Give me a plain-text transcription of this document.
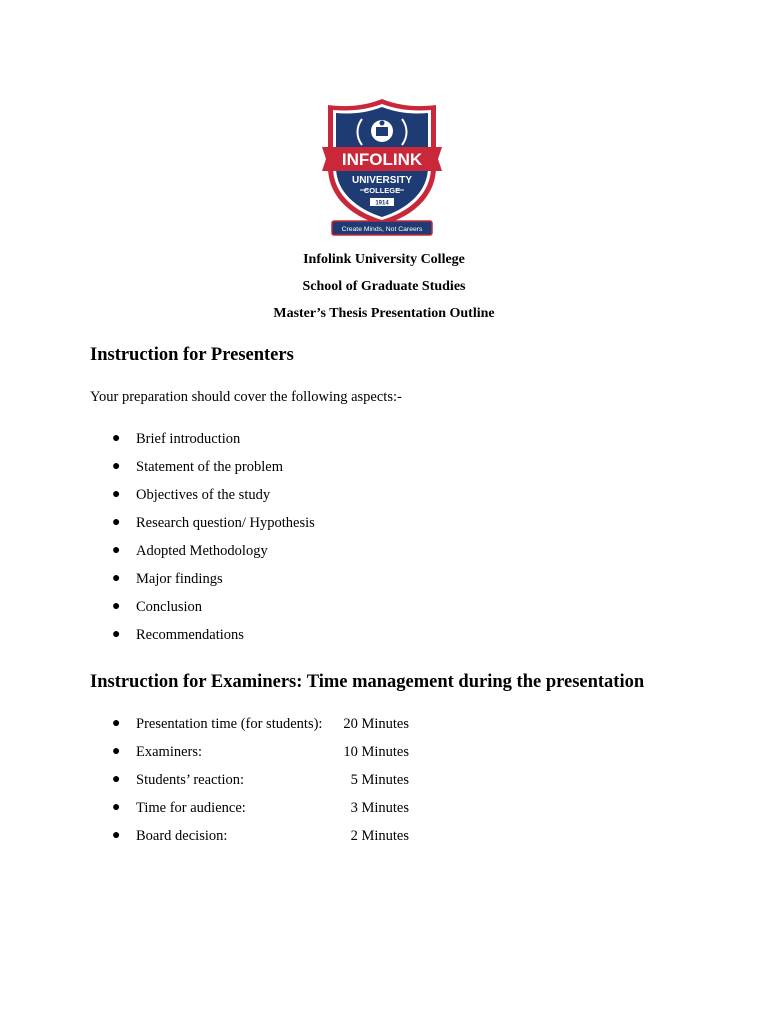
INFOLINK
UNIVERSITY
COLLEGE
1914
Create Minds, Not Careers
Infolink University College
School of Graduate Studies
Master’s Thesis Presentation Outline
Instruction for Presenters
Your preparation should cover the following aspects:-
● Brief introduction
● Statement of the problem
● Objectives of the study
● Research question/ Hypothesis
● Adopted Methodology
● Major findings
● Conclusion
● Recommendations
Instruction for Examiners: Time management during the presentation
● Presentation time (for students): 20 Minutes
● Examiners:	10 Minutes
● Students’ reaction:	5 Minutes
● Time for audience:	3 Minutes
● Board decision:	2 Minutes
